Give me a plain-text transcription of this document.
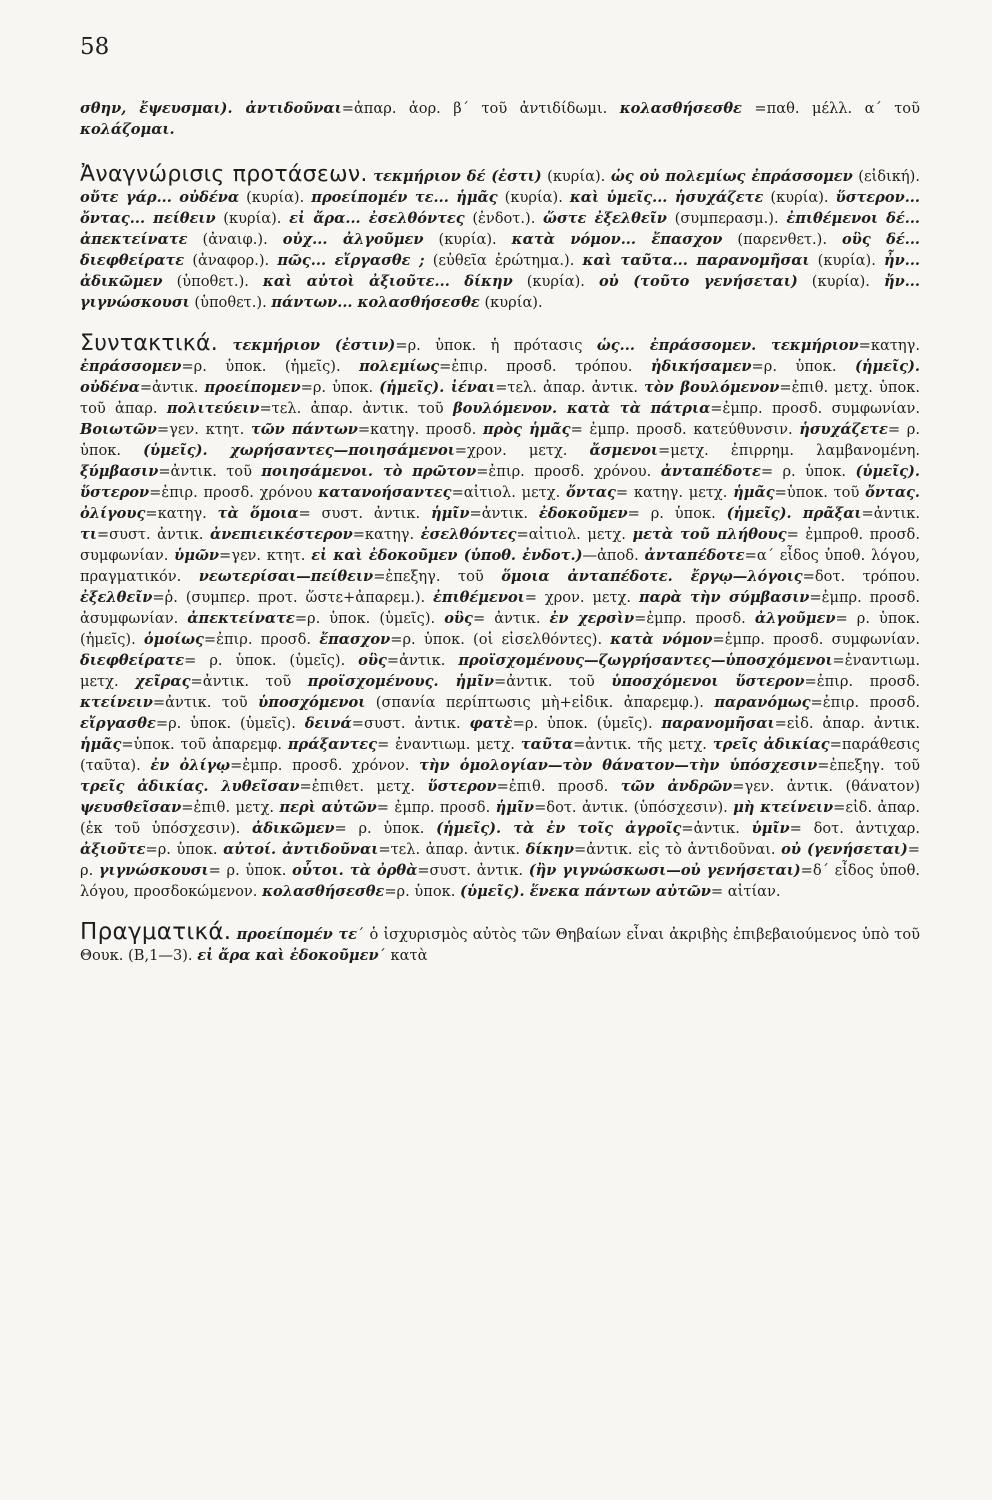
58

σθην, ἔψευσμαι). ἀντιδοῦναι=ἀπαρ. ἀορ. β΄ τοῦ ἀντιδίδωμι. κολασθήσεσθε =παθ. μέλλ. α΄ τοῦ κολάζομαι.

Ἀναγνώρισις προτάσεων. τεκμήριον δέ (ἐστι) (κυρία). ὡς οὐ πολεμίως ἐπράσσομεν (εἰδική). οὔτε γάρ... οὐδένα (κυρία). προείπομέν τε... ἡμᾶς (κυρία). καὶ ὑμεῖς... ἡσυχάζετε (κυρία). ὕστερον... ὄντας... πείθειν (κυρία). εἰ ἄρα... ἐσελθόντες (ἐνδοτ.). ὥστε ἐξελθεῖν (συμπερασμ.). ἐπιθέμενοι δέ... ἀπεκτείνατε (ἀναιφ.). οὐχ... ἀλγοῦμεν (κυρία). κατὰ νόμον... ἔπασχον (παρενθετ.). οὓς δέ... διεφθείρατε (ἀναφορ.). πῶς... εἴργασθε ; (εὐθεῖα ἐρώτημα.). καὶ ταῦτα... παρανομῆσαι (κυρία). ἦν... ἀδικῶμεν (ὑποθετ.). καὶ αὐτοὶ ἀξιοῦτε... δίκην (κυρία). οὐ (τοῦτο γενήσεται) (κυρία). ἤν... γιγνώσκουσι (ὑποθετ.). πάντων... κολασθήσεσθε (κυρία).

Συντακτικά. τεκμήριον (ἐστιν)=ρ. ὑποκ. ἡ πρότασις ὡς... ἐπράσσομεν. τεκμήριον=κατηγ. ἐπράσσομεν=ρ. ὑποκ. (ἡμεῖς). πολεμίως=ἐπιρ. προσδ. τρόπου. ἠδικήσαμεν=ρ. ὑποκ. (ἡμεῖς). οὐδένα=ἀντικ. προείπομεν=ρ. ὑποκ. (ἡμεῖς). ἰέναι=τελ. ἀπαρ. ἀντικ. τὸν βουλόμενον=ἐπιθ. μετχ. ὑποκ. τοῦ ἀπαρ. πολιτεύειν=τελ. ἀπαρ. ἀντικ. τοῦ βουλόμενον. κατὰ τὰ πάτρια=ἐμπρ. προσδ. συμφωνίαν. Βοιωτῶν=γεν. κτητ. τῶν πάντων=κατηγ. προσδ. πρὸς ἡμᾶς= ἐμπρ. προσδ. κατεύθυνσιν. ἡσυχάζετε= ρ. ὑποκ. (ὑμεῖς). χωρήσαντες—ποιησάμενοι=χρον. μετχ. ἄσμενοι=μετχ. ἐπιρρημ. λαμβανομένη. ξύμβασιν=ἀντικ. τοῦ ποιησάμενοι. τὸ πρῶτον=ἐπιρ. προσδ. χρόνου. ἀνταπέδοτε= ρ. ὑποκ. (ὑμεῖς). ὕστερον=ἐπιρ. προσδ. χρόνου κατανοήσαντες=αἰτιολ. μετχ. ὄντας= κατηγ. μετχ. ἡμᾶς=ὑποκ. τοῦ ὄντας. ὀλίγους=κατηγ. τὰ ὅμοια= συστ. ἀντικ. ἡμῖν=ἀντικ. ἐδοκοῦμεν= ρ. ὑποκ. (ἡμεῖς). πρᾶξαι=ἀντικ. τι=συστ. ἀντικ. ἀνεπιεικέστερον=κατηγ. ἐσελθόντες=αἰτιολ. μετχ. μετὰ τοῦ πλήθους= ἐμπροθ. προσδ. συμφωνίαν. ὑμῶν=γεν. κτητ. εἰ καὶ ἐδοκοῦμεν (ὑποθ. ἐνδοτ.)—ἀποδ. ἀνταπέδοτε=α΄ εἶδος ὑποθ. λόγου, πραγματικόν. νεωτερίσαι—πείθειν=ἐπεξηγ. τοῦ ὅμοια ἀνταπέδοτε. ἔργῳ—λόγοις=δοτ. τρόπου. ἐξελθεῖν=ῥ. (συμπερ. προτ. ὥστε+ἀπαρεμ.). ἐπιθέμενοι= χρον. μετχ. παρὰ τὴν σύμβασιν=ἐμπρ. προσδ. ἀσυμφωνίαν. ἀπεκτείνατε=ρ. ὑποκ. (ὑμεῖς). οὓς= ἀντικ. ἐν χερσὶν=ἐμπρ. προσδ. ἀλγοῦμεν= ρ. ὑποκ. (ἡμεῖς). ὁμοίως=ἐπιρ. προσδ. ἔπασχον=ρ. ὑποκ. (οἱ εἰσελθόντες). κατὰ νόμον=ἐμπρ. προσδ. συμφωνίαν. διεφθείρατε= ρ. ὑποκ. (ὑμεῖς). οὓς=ἀντικ. προϊσχομένους—ζωγρήσαντες—ὑποσχόμενοι=ἐναντιωμ. μετχ. χεῖρας=ἀντικ. τοῦ προϊσχομένους. ἡμῖν=ἀντικ. τοῦ ὑποσχόμενοι ὕστερον=ἐπιρ. προσδ. κτείνειν=ἀντικ. τοῦ ὑποσχόμενοι (σπανία περίπτωσις μὴ+εἰδικ. ἀπαρεμφ.). παρανόμως=ἐπιρ. προσδ. εἴργασθε=ρ. ὑποκ. (ὑμεῖς). δεινά=συστ. ἀντικ. φατὲ=ρ. ὑποκ. (ὑμεῖς). παρανομῆσαι=εἰδ. ἀπαρ. ἀντικ. ἡμᾶς=ὑποκ. τοῦ ἀπαρεμφ. πράξαντες= ἐναντιωμ. μετχ. ταῦτα=ἀντικ. τῆς μετχ. τρεῖς ἀδικίας=παράθεσις (ταῦτα). ἐν ὀλίγῳ=ἐμπρ. προσδ. χρόνον. τὴν ὁμολογίαν—τὸν θάνατον—τὴν ὑπόσχεσιν=ἐπεξηγ. τοῦ τρεῖς ἀδικίας. λυθεῖσαν=ἐπιθετ. μετχ. ὕστερον=ἐπιθ. προσδ. τῶν ἀνδρῶν=γεν. ἀντικ. (θάνατον) ψευσθεῖσαν=ἐπιθ. μετχ. περὶ αὐτῶν= ἐμπρ. προσδ. ἡμῖν=δοτ. ἀντικ. (ὑπόσχεσιν). μὴ κτείνειν=εἰδ. ἀπαρ.(ἐκ τοῦ ὑπόσχεσιν). ἀδικῶμεν= ρ. ὑποκ. (ἡμεῖς). τὰ ἐν τοῖς ἀγροῖς=ἀντικ. ὑμῖν= δοτ. ἀντιχαρ. ἀξιοῦτε=ρ. ὑποκ. αὐτοί. ἀντιδοῦναι=τελ. ἀπαρ. ἀντικ. δίκην=ἀντικ. εἰς τὸ ἀντιδοῦναι. οὐ (γενήσεται)= ρ. γιγνώσκουσι= ρ. ὑποκ. οὗτοι. τὰ ὀρθὰ=συστ. ἀντικ. (ἢν γιγνώσκωσι—οὐ γενήσεται)=δ΄ εἶδος ὑποθ. λόγου, προσδοκώμενον. κολασθήσεσθε=ρ. ὑποκ. (ὑμεῖς). ἕνεκα πάντων αὐτῶν= αἰτίαν.

Πραγματικά. προείπομέν τε΄ ὁ ἰσχυρισμὸς αὐτὸς τῶν Θηβαίων εἶναι ἀκριβὴς ἐπιβεβαιούμενος ὑπὸ τοῦ Θουκ. (Β,1—3). εἰ ἄρα καὶ ἐδοκοῦμεν΄ κατὰ
